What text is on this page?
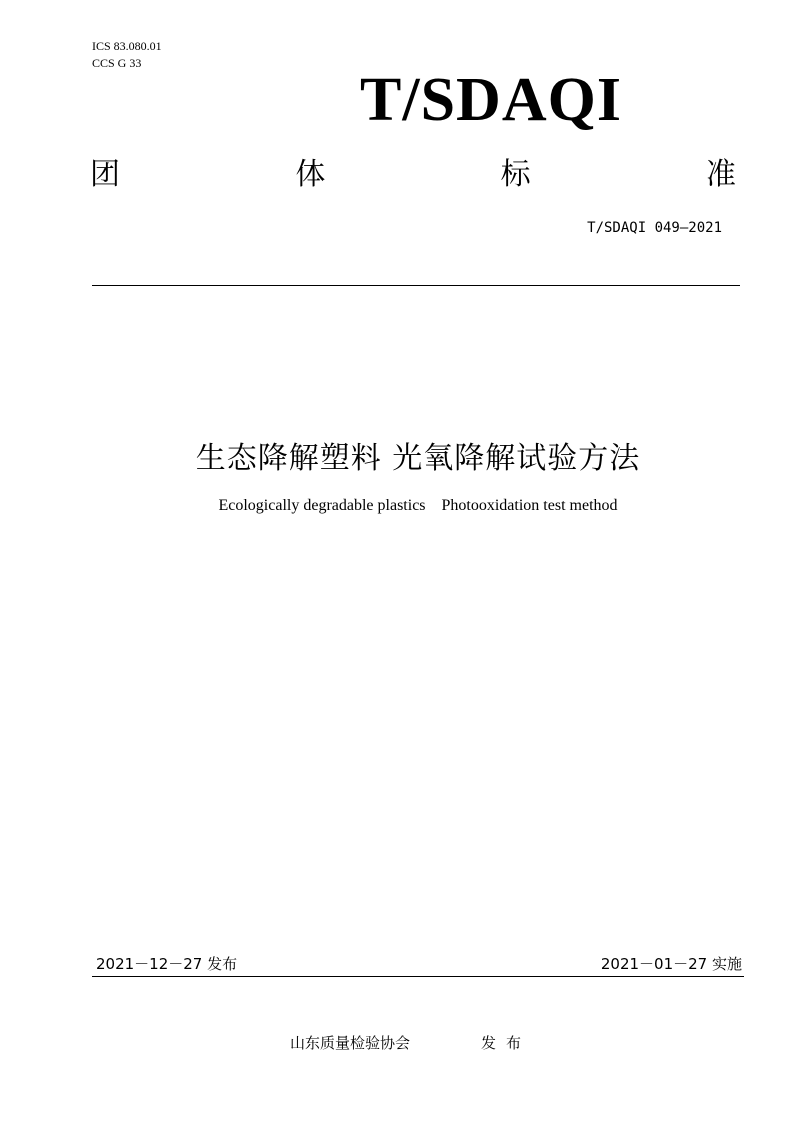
ICS 83.080.01
CCS G 33
T/SDAQI
团	体	标	准
T/SDAQI 049—2021
生态降解塑料 光氧降解试验方法
Ecologically degradable plastics    Photooxidation test method
2021－12－27 发布	2021－01－27 实施
山东质量检验协会	发布
